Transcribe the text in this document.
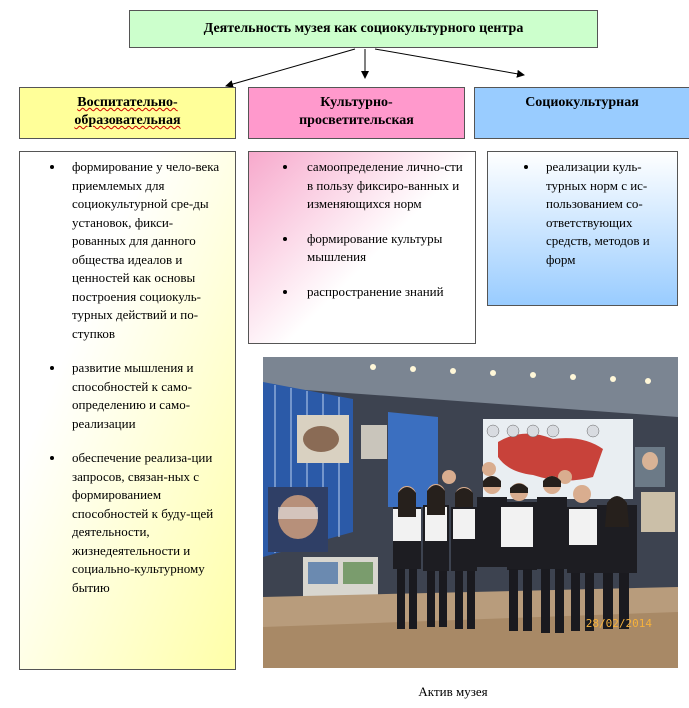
Деятельность музея как социокультурного центра
Воспитательно-
образовательная
Культурно-
просветительская
Социокультурная
формирование у чело-века приемлемых для социокультурной сре-ды установок, фикси-рованных для данного общества идеалов и ценностей как основы построения социокуль-турных действий и по-ступков
развитие мышления и способностей к само-определению и само-реализации
обеспечение реализа-ции запросов, связан-ных с формированием способностей к буду-щей деятельности, жизнедеятельности и социально-культурному бытию
самоопределение лично-сти в пользу фиксиро-ванных и изменяющихся норм
формирование культуры мышления
распространение знаний
реализации куль-турных норм с ис-пользованием со-ответствующих средств, методов и форм
28/02/2014
Актив музея
